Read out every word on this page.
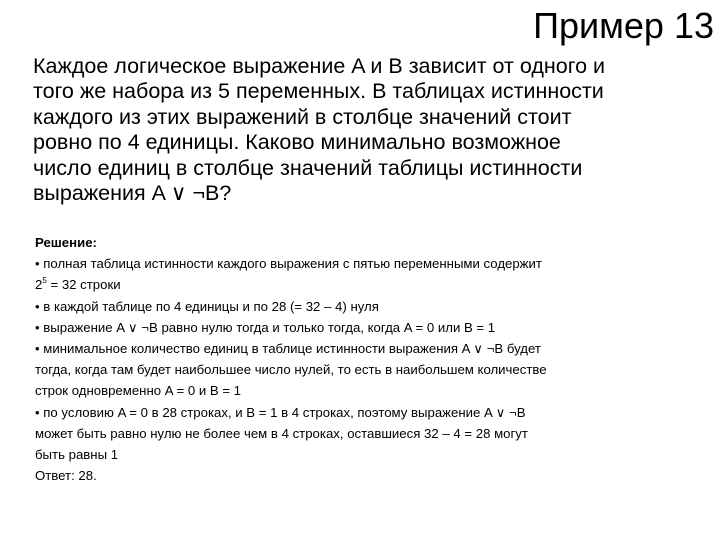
Пример 13
Каждое логическое выражение A и B зависит от одного и
того же набора из 5 переменных. В таблицах истинности
каждого из этих выражений в столбце значений стоит
ровно по 4 единицы. Каково минимально возможное
число единиц в столбце значений таблицы истинности
выражения A ∨ ¬B?
Решение:
• полная таблица истинности каждого выражения с пятью переменными содержит
$2^5 = 32$ строки
• в каждой таблице по 4 единицы и по 28 (= 32 – 4) нуля
• выражение A ∨ ¬B равно нулю тогда и только тогда, когда A = 0 или B = 1
• минимальное количество единиц в таблице истинности выражения A ∨ ¬B будет
тогда, когда там будет наибольшее число нулей, то есть в наибольшем количестве
строк одновременно A = 0 и B = 1
• по условию A = 0 в 28 строках, и B = 1 в 4 строках, поэтому выражение A ∨ ¬B
может быть равно нулю не более чем в 4 строках, оставшиеся 32 – 4 = 28 могут
быть равны 1
Ответ: 28.
